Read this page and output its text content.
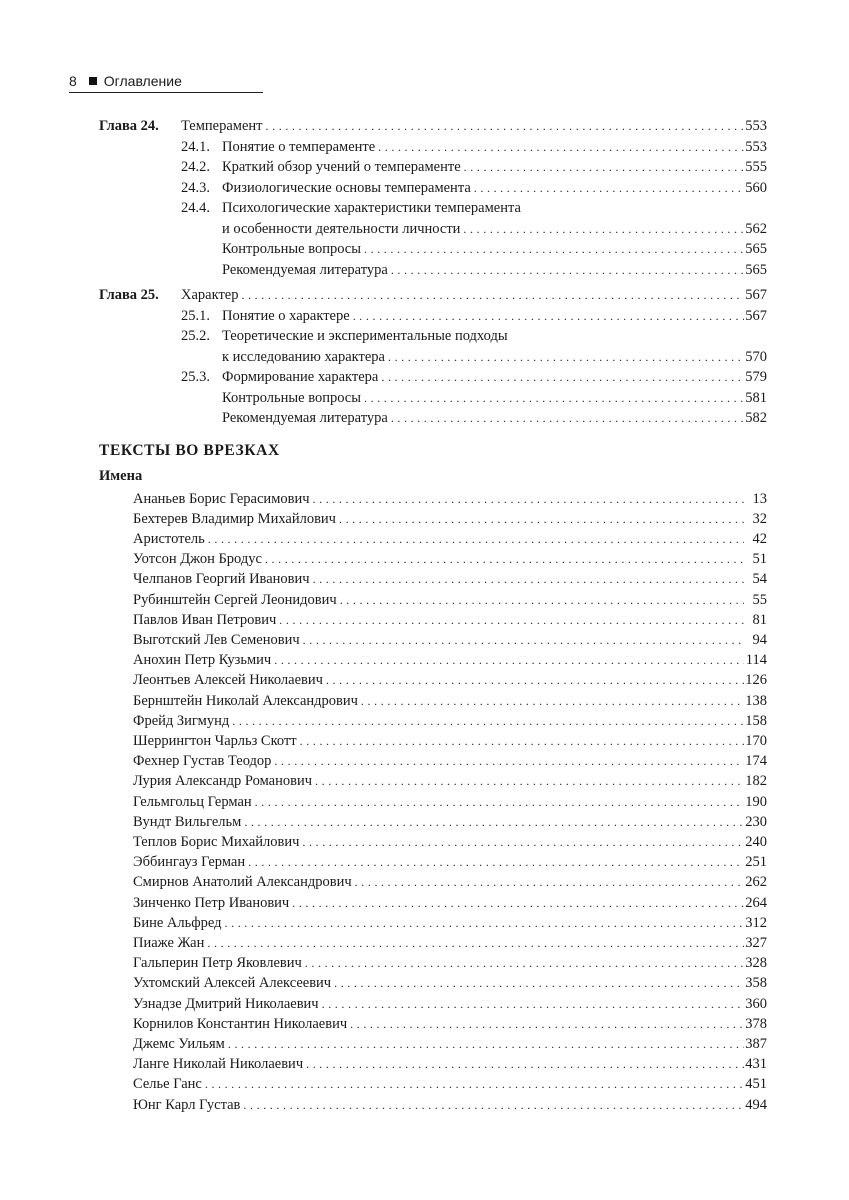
8 Оглавление
Глава 24. Темперамент . . .	553
24.1. Понятие о темпераменте . . .	553
24.2. Краткий обзор учений о темпераменте . . .	555
24.3. Физиологические основы темперамента . . .	560
24.4. Психологические характеристики темперамента
и особенности деятельности личности . . .	562
Контрольные вопросы . . .	565
Рекомендуемая литература . . .	565
Глава 25. Характер . . .	567
25.1. Понятие о характере . . .	567
25.2. Теоретические и экспериментальные подходы
к исследованию характера . . .	570
25.3. Формирование характера . . .	579
Контрольные вопросы . . .	581
Рекомендуемая литература . . .	582
ТЕКСТЫ ВО ВРЕЗКАХ
Имена
Ананьев Борис Герасимович . . .	13
Бехтерев Владимир Михайлович . . .	32
Аристотель . . .	42
Уотсон Джон Бродус . . .	51
Челпанов Георгий Иванович . . .	54
Рубинштейн Сергей Леонидович . . .	55
Павлов Иван Петрович . . .	81
Выготский Лев Семенович . . .	94
Анохин Петр Кузьмич . . .	114
Леонтьев Алексей Николаевич . . .	126
Бернштейн Николай Александрович . . .	138
Фрейд Зигмунд . . .	158
Шеррингтон Чарльз Скотт . . .	170
Фехнер Густав Теодор . . .	174
Лурия Александр Романович . . .	182
Гельмгольц Герман . . .	190
Вундт Вильгельм . . .	230
Теплов Борис Михайлович . . .	240
Эббингауз Герман . . .	251
Смирнов Анатолий Александрович . . .	262
Зинченко Петр Иванович . . .	264
Бине Альфред . . .	312
Пиаже Жан . . .	327
Гальперин Петр Яковлевич . . .	328
Ухтомский Алексей Алексеевич . . .	358
Узнадзе Дмитрий Николаевич . . .	360
Корнилов Константин Николаевич . . .	378
Джемс Уильям . . .	387
Ланге Николай Николаевич . . .	431
Селье Ганс . . .	451
Юнг Карл Густав . . .	494
